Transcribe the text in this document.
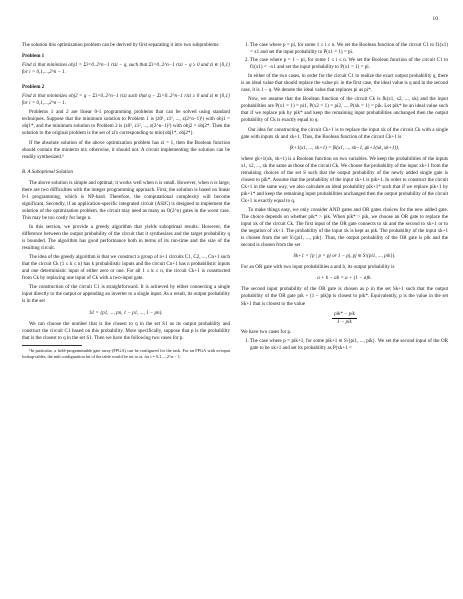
10

The solution this optimization problem can be derived by first separating it into two subproblems:

Problem 1
Find zi that minimizes obj1 = Σi=0..2^n−1 rizi − q, such that Σi=0..2^n−1 rizi − q ≥ 0 and zi ∈ {0,1} for i = 0,1,...,2^n − 1.
Problem 2
Find zi that minimizes obj2 = q − Σi=0..2^n−1 rizi such that q − Σi=0..2^n−1 rizi ≥ 0 and zi ∈ {0,1} for i = 0,1,...,2^n − 1.

Problems 1 and 2 are linear 0-1 programming problems that can be solved using standard techniques. Suppose that the minimum solution to Problem 1 is (z0¹, z1¹, ..., z(2^n−1)¹) with obj1 = obj1*, and the minimum solution to Problem 2 is (z0², z1², ..., z(2^n−1)²) with obj2 = obj2*. Then the solution to the original problem is the set of zi's corresponding to min{obj1*, obj2*}.

If the absolute solution of the above optimization problem has zi = 1, then the Boolean function should contain the minterm mi; otherwise, it should not. A circuit implementing the solution can be readily synthesized.⁶

B. A Suboptimal Solution

The above solution is simple and optimal; it works well when n is small. However, when n is large, there are two difficulties with the integer programming approach. First, the solution is based on linear 0-1 programming, which is NP-hard. Therefore, the computational complexity will become significant. Secondly, if an application-specific integrated circuit (ASIC) is designed to implement the solution of the optimization problem, the circuit may need as many as O(2^n) gates in the worst case. This may be too costly for large n.

In this section, we provide a greedy algorithm that yields suboptimal results. However, the difference between the output probability of the circuit that it synthesizes and the target probability q is bounded. The algorithm has good performance both in terms of its run-time and the size of the resulting circuit.

The idea of the greedy algorithm is that we construct a group of n+1 circuits C1, C2, ..., Cn+1 such that the circuit Ck (1 ≤ k ≤ n) has k probabilistic inputs and the circuit Cn+1 has n probabilistic inputs and one deterministic input of either zero or one. For all 1 ≤ k ≤ n, the circuit Ck+1 is constructed from Ck by replacing one input of Ck with a two-input gate.

The construction of the circuit C1 is straightforward. It is achieved by either connecting a single input directly to the output or appending an inverter to a single input. As a result, its output probability is in the set

S1 = {p1, ..., pn, 1 − p1, ..., 1 − pn}.

We can choose the number that is the closest to q in the set S1 as its output probability and construct the circuit C1 based on this probability. More specifically, suppose that p is the probability that is the closest to q in the set S1. Then we have the following two cases for p.

⁶In particular, a field-programmable gate array (FPGA) can be configured for the task. For an FPGA with m-input lookup-tables, the mth configuration bit of the table would be set to zi, for i = 0,1,...,2^n − 1.

1. The case where p = pi, for some 1 ≤ i ≤ n. We set the Boolean function of the circuit C1 to f1(x1) = x1 and set the input probability to P(x1 = 1) = pi.
2. The case where p = 1 − pi, for some 1 ≤ i ≤ n. We set the Boolean function of the circuit C1 to f1(x1) = ¬x1 and set the input probability to P(x1 = 1) = pi.

In either of the two cases, in order for the circuit C1 to realize the exact output probability q, there is an ideal value that should replace the value pi: in the first case, the ideal value is q and in the second case, it is 1 − q. We denote the ideal value that replaces pi as pi*.

Now, we assume that the Boolean function of the circuit Ck is fk(x1, x2, ..., xk) and the input probabilities are P(x1 = 1) = pi1, P(x2 = 1) = pi2, ..., P(xk = 1) = pik. Let pik* be an ideal value such that if we replace pik by pik* and keep the remaining input probabilities unchanged then the output probability of Ck is exactly equal to q.

Our idea for constructing the circuit Ck+1 is to replace the input xk of the circuit Ck with a single gate with inputs xk and xk+1. Thus, the Boolean function of the circuit Ck+1 is

fk+1(x1, ..., xk+1) = fk(x1, ..., xk−1, gk+1(xk, xk+1)),

where gk+1(xk, xk+1) is a Boolean function on two variables. We keep the probabilities of the inputs x1, x2, ..., xk the same as those of the circuit Ck. We choose the probability of the input xk+1 from the remaining choices of the set S such that the output probability of the newly added single gate is closest to pik*. Assume that the probability of the input xk+1 is pik+1. In order to construct the circuit Ck+1 in the same way, we also calculate an ideal probability pik+1* such that if we replace pik+1 by pik+1* and keep the remaining input probabilities unchanged then the output probability of the circuit Ck+1 is exactly equal to q.

To make things easy, we only consider AND gates and OR gates choices for the new added gate. The choice depends on whether pik* > pik. When pik* > pik, we choose an OR gate to replace the input xk of the circuit Ck. The first input of the OR gate connects to xk and the second to xk+1 or to the negation of xk+1. The probability of the input xk is kept as pik. The probability of the input xk+1 is chosen from the set S\{pi1, ..., pik}. Thus, the output probability of the OR gate is pik and the second is chosen from the set

Sk+1 = {p | p = pj or 1 − pj, pj ∈ S\{pi1, ..., pik}}.

For an OR gate with two input probabilities a and b, its output probability is

a + b − ab = a + (1 − a)b.

The second input probability of the OR gate is chosen as p in the set Sk+1 such that the output probability of the OR gate pik + (1 − pik)p is closest to pik*. Equivalently, p is the value in the set Sk+1 that is closest to the value

pik* − pik
1 − pik

We have two cases for p.

1. The case where p = pik+1, for some pik+1 ∈ S\{pi1, ..., pik}. We set the second input of the OR gate to be xk+1 and set its probability as P(xk+1 =
